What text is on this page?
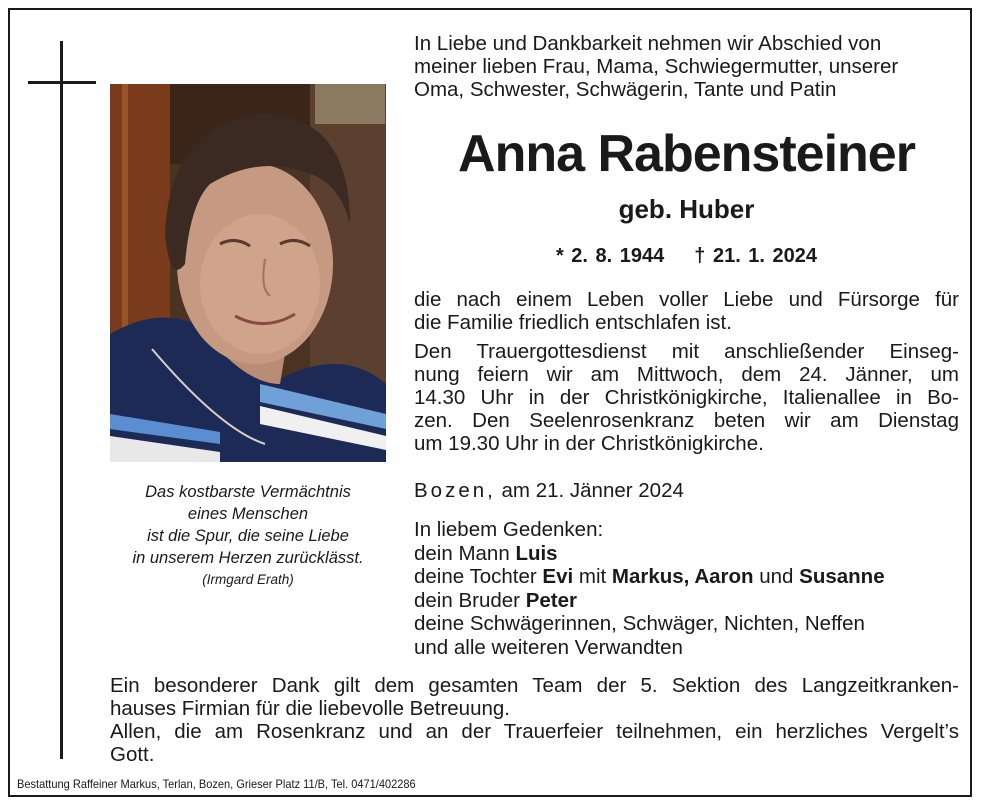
Das kostbarste Vermächtnis
eines Menschen
ist die Spur, die seine Liebe
in unserem Herzen zurücklässt.
(Irmgard Erath)
In Liebe und Dankbarkeit nehmen wir Abschied von
meiner lieben Frau, Mama, Schwiegermutter, unserer
Oma, Schwester, Schwägerin, Tante und Patin
Anna Rabensteiner
geb. Huber
* 2. 8. 1944 † 21. 1. 2024
die nach einem Leben voller Liebe und Fürsorge für
die Familie friedlich entschlafen ist.
Den Trauergottesdienst mit anschließender Einseg-
nung feiern wir am Mittwoch, dem 24. Jänner, um
14.30 Uhr in der Christkönigkirche, Italienallee in Bo-
zen. Den Seelenrosenkranz beten wir am Dienstag
um 19.30 Uhr in der Christkönigkirche.
Bozen, am 21. Jänner 2024
In liebem Gedenken:
dein Mann Luis
deine Tochter Evi mit Markus, Aaron und Susanne
dein Bruder Peter
deine Schwägerinnen, Schwäger, Nichten, Neffen
und alle weiteren Verwandten
Ein besonderer Dank gilt dem gesamten Team der 5. Sektion des Langzeitkranken-
hauses Firmian für die liebevolle Betreuung.
Allen, die am Rosenkranz und an der Trauerfeier teilnehmen, ein herzliches Vergelt’s
Gott.
Bestattung Raffeiner Markus, Terlan, Bozen, Grieser Platz 11/B, Tel. 0471/402286
